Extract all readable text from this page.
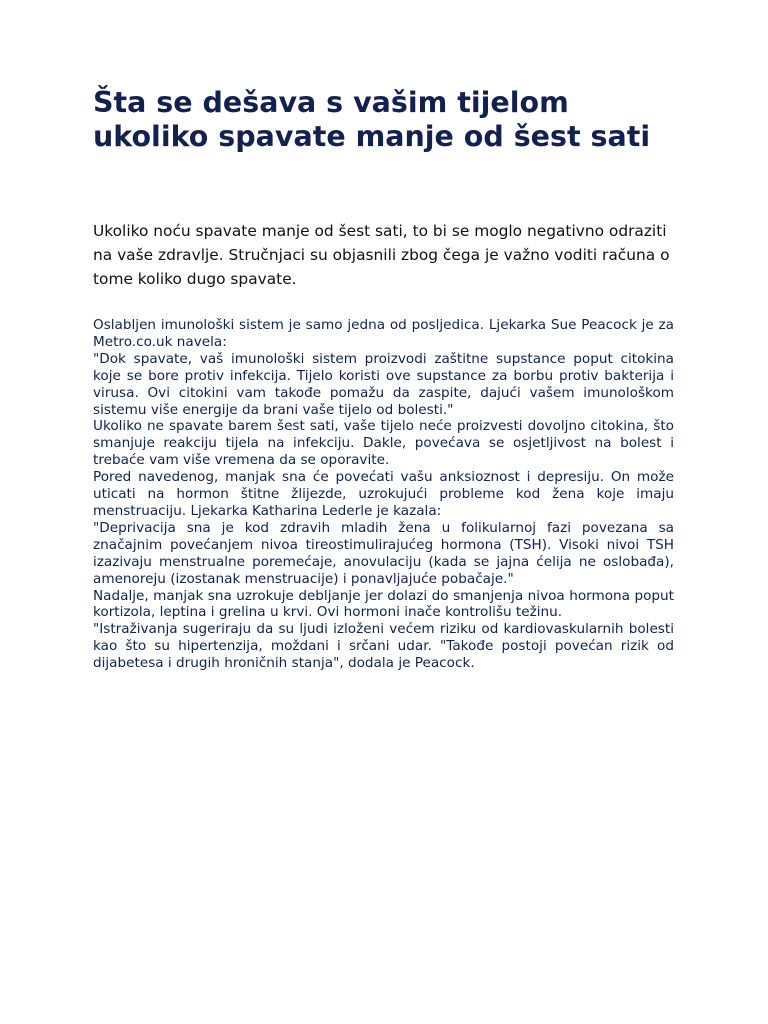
Šta se dešava s vašim tijelom ukoliko spavate manje od šest sati

Ukoliko noću spavate manje od šest sati, to bi se moglo negativno odraziti na vaše zdravlje. Stručnjaci su objasnili zbog čega je važno voditi računa o tome koliko dugo spavate.

Oslabljen imunološki sistem je samo jedna od posljedica. Ljekarka Sue Peacock je za Metro.co.uk navela:

"Dok spavate, vaš imunološki sistem proizvodi zaštitne supstance poput citokina koje se bore protiv infekcija. Tijelo koristi ove supstance za borbu protiv bakterija i virusa. Ovi citokini vam takođe pomažu da zaspite, dajući vašem imunološkom sistemu više energije da brani vaše tijelo od bolesti."

Ukoliko ne spavate barem šest sati, vaše tijelo neće proizvesti dovoljno citokina, što smanjuje reakciju tijela na infekciju. Dakle, povećava se osjetljivost na bolest i trebaće vam više vremena da se oporavite.

Pored navedenog, manjak sna će povećati vašu anksioznost i depresiju. On može uticati na hormon štitne žlijezde, uzrokujući probleme kod žena koje imaju menstruaciju. Ljekarka Katharina Lederle je kazala:

"Deprivacija sna je kod zdravih mladih žena u folikularnoj fazi povezana sa značajnim povećanjem nivoa tireostimulirajućeg hormona (TSH). Visoki nivoi TSH izazivaju menstrualne poremećaje, anovulaciju (kada se jajna ćelija ne oslobađa), amenoreju (izostanak menstruacije) i ponavljajuće pobačaje."

Nadalje, manjak sna uzrokuje debljanje jer dolazi do smanjenja nivoa hormona poput kortizola, leptina i grelina u krvi. Ovi hormoni inače kontrolišu težinu.

"Istraživanja sugeriraju da su ljudi izloženi većem riziku od kardiovaskularnih bolesti kao što su hipertenzija, moždani i srčani udar. "Takođe postoji povećan rizik od dijabetesa i drugih hroničnih stanja", dodala je Peacock.
